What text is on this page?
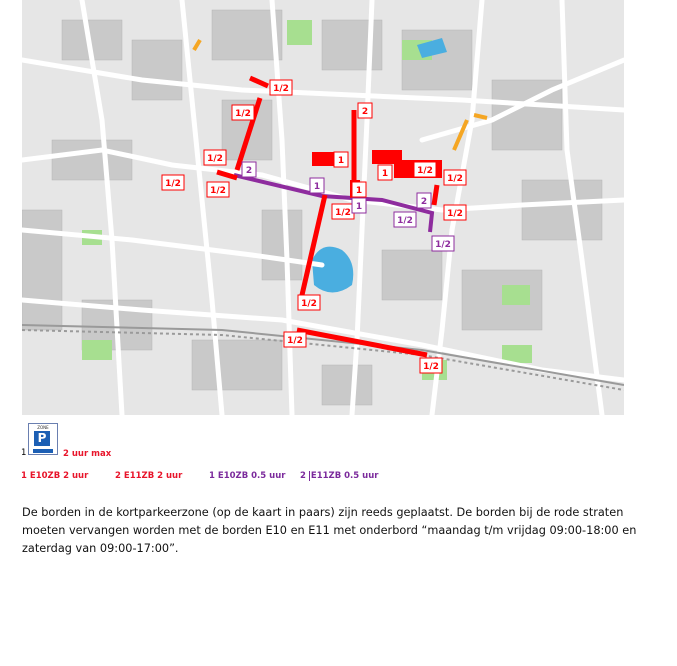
1/2
1/2	2
1/2
1/2
1/2
1
1
1/2
1/2
1	1/2
1/2
1/2
1/2
1/2
2
1
1
1/2
2
1/2
ZONE
P
1	2 uur max
1 E10ZB 2 uur	2 E11ZB 2 uur	1 E10ZB 0.5 uur 2 E11ZB 0.5 uur
De borden in de kortparkeerzone (op de kaart in paars) zijn reeds geplaatst. De borden bij de rode straten moeten vervangen worden met de borden E10 en E11 met onderbord “maandag t/m vrijdag 09:00-18:00 en zaterdag van 09:00-17:00”.
